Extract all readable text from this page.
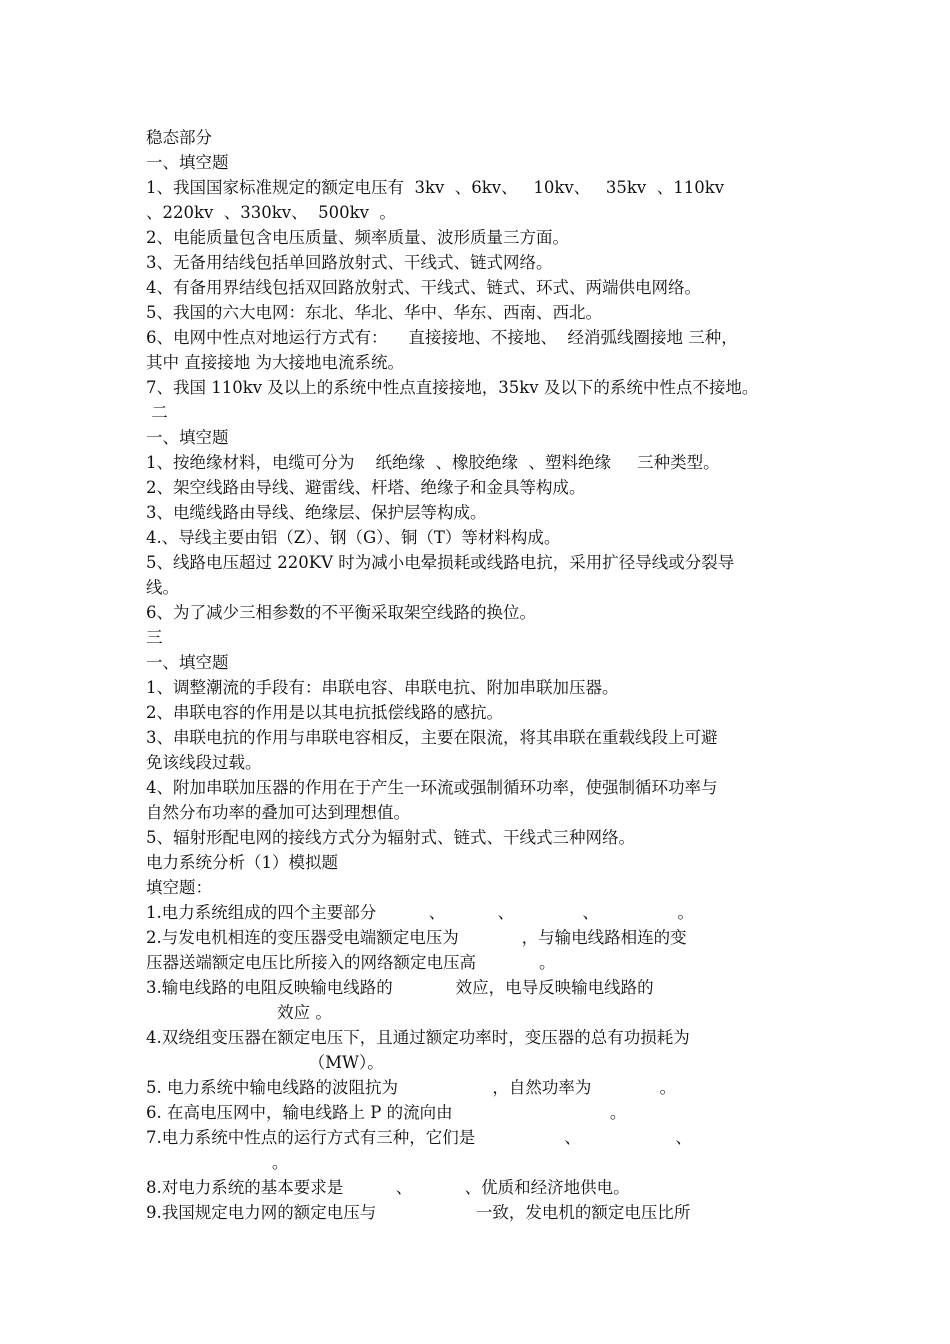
稳态部分
一、填空题
1、我国国家标准规定的额定电压有  3kv  、6kv、   10kv、   35kv  、110kv
、220kv  、330kv、  500kv  。
2、电能质量包含电压质量、频率质量、波形质量三方面。
3、无备用结线包括单回路放射式、干线式、链式网络。
4、有备用界结线包括双回路放射式、干线式、链式、环式、两端供电网络。
5、我国的六大电网：东北、华北、华中、华东、西南、西北。
6、电网中性点对地运行方式有：    直接接地、不接地、  经消弧线圈接地 三种，
其中 直接接地 为大接地电流系统。
7、我国 110kv 及以上的系统中性点直接接地，35kv 及以下的系统中性点不接地。
二
一、填空题
1、按绝缘材料，电缆可分为    纸绝缘  、橡胶绝缘  、塑料绝缘     三种类型。
2、架空线路由导线、避雷线、杆塔、绝缘子和金具等构成。
3、电缆线路由导线、绝缘层、保护层等构成。
4.、导线主要由铝（Z）、钢（G）、铜（T）等材料构成。
5、线路电压超过 220KV 时为减小电晕损耗或线路电抗，采用扩径导线或分裂导
线。
6、为了减少三相参数的不平衡采取架空线路的换位。
三
一、填空题
1、调整潮流的手段有：串联电容、串联电抗、附加串联加压器。
2、串联电容的作用是以其电抗抵偿线路的感抗。
3、串联电抗的作用与串联电容相反，主要在限流，将其串联在重载线段上可避
免该线段过载。
4、附加串联加压器的作用在于产生一环流或强制循环功率，使强制循环功率与
自然分布功率的叠加可达到理想值。
5、辐射形配电网的接线方式分为辐射式、链式、干线式三种网络。
电力系统分析（1）模拟题
填空题：
1.电力系统组成的四个主要部分          、          、             、               。
2.与发电机相连的变压器受电端额定电压为            ，与输电线路相连的变
压器送端额定电压比所接入的网络额定电压高            。
3.输电线路的电阻反映输电线路的            效应，电导反映输电线路的
效应 。
4.双绕组变压器在额定电压下，且通过额定功率时，变压器的总有功损耗为
（MW）。
5. 电力系统中输电线路的波阻抗为                  ，自然功率为             。
6. 在高电压网中，输电线路上 P 的流向由                              。
7.电力系统中性点的运行方式有三种，它们是                 、                  、
。
8.对电力系统的基本要求是          、          、优质和经济地供电。
9.我国规定电力网的额定电压与                   一致，发电机的额定电压比所
